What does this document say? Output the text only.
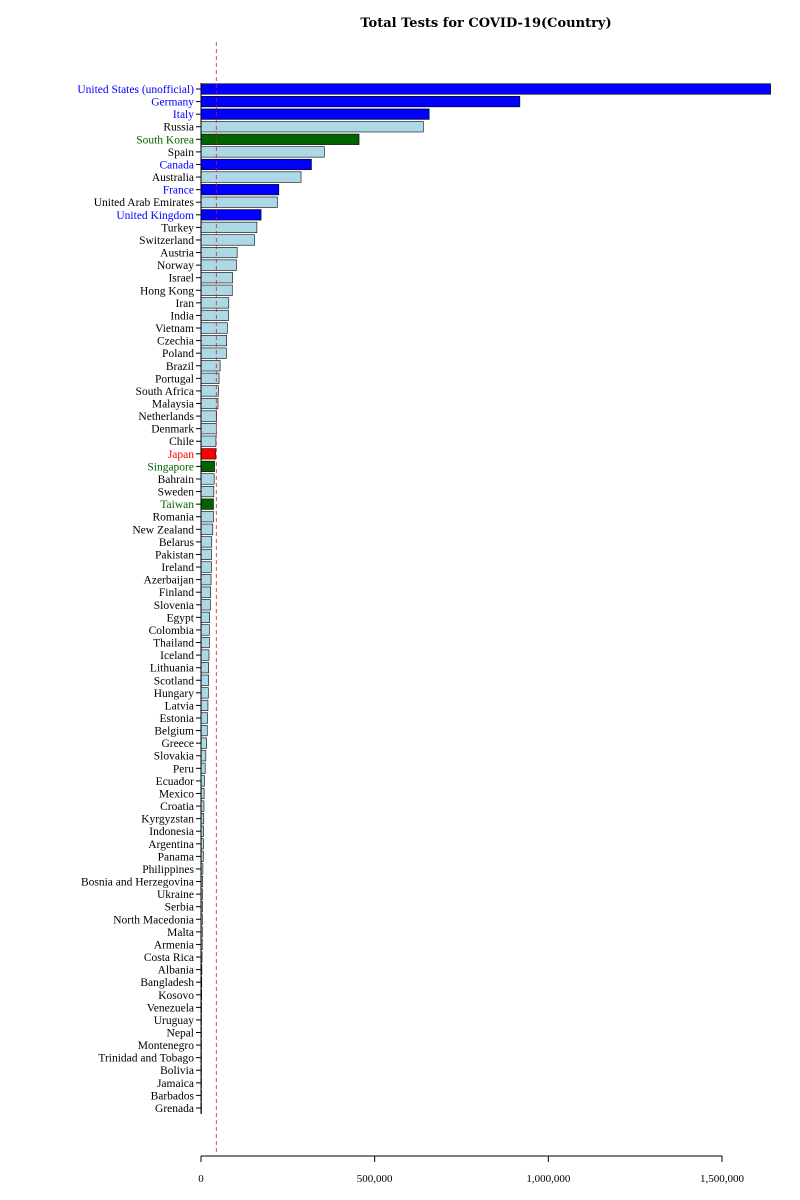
Total Tests for COVID-19(Country)
United States (unofficial)
Germany
Italy
Russia
South Korea
Spain
Canada
Australia
France
United Arab Emirates
United Kingdom
Turkey
Switzerland
Austria
Norway
Israel
Hong Kong
Iran
India
Vietnam
Czechia
Poland
Brazil
Portugal
South Africa
Malaysia
Netherlands
Denmark
Chile
Japan
Singapore
Bahrain
Sweden
Taiwan
Romania
New Zealand
Belarus
Pakistan
Ireland
Azerbaijan
Finland
Slovenia
Egypt
Colombia
Thailand
Iceland
Lithuania
Scotland
Hungary
Latvia
Estonia
Belgium
Greece
Slovakia
Peru
Ecuador
Mexico
Croatia
Kyrgyzstan
Indonesia
Argentina
Panama
Philippines
Bosnia and Herzegovina
Ukraine
Serbia
North Macedonia
Malta
Armenia
Costa Rica
Albania
Bangladesh
Kosovo
Venezuela
Uruguay
Nepal
Montenegro
Trinidad and Tobago
Bolivia
Jamaica
Barbados
Grenada
0	500,000	1,000,000	1,500,000
